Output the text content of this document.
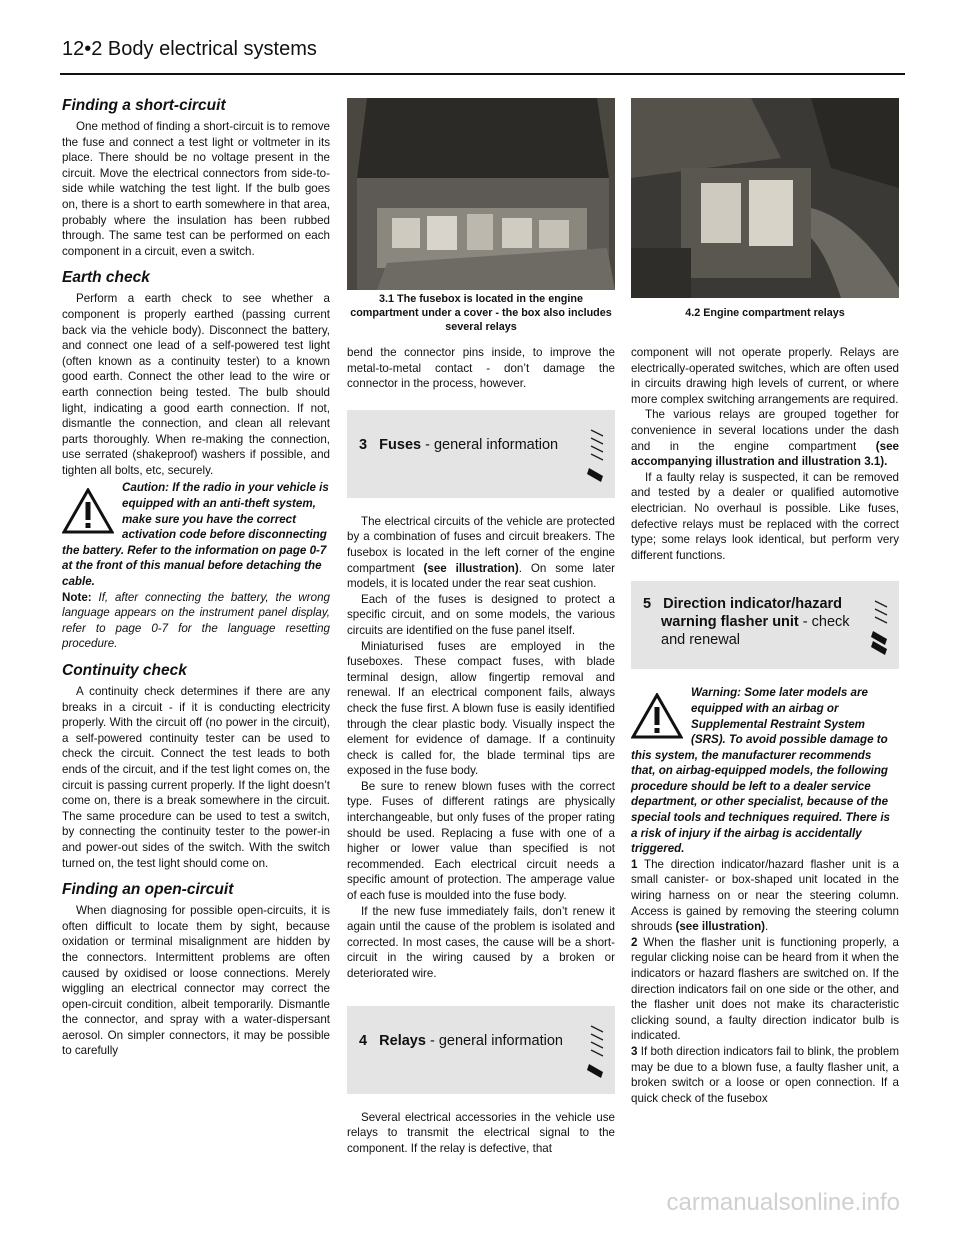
12•2 Body electrical systems
Finding a short-circuit

One method of finding a short-circuit is to remove the fuse and connect a test light or voltmeter in its place. There should be no voltage present in the circuit. Move the electrical connectors from side-to-side while watching the test light. If the bulb goes on, there is a short to earth somewhere in that area, probably where the insulation has been rubbed through. The same test can be performed on each component in a circuit, even a switch.

Earth check

Perform a earth check to see whether a component is properly earthed (passing current back via the vehicle body). Disconnect the battery, and connect one lead of a self-powered test light (often known as a continuity tester) to a known good earth. Connect the other lead to the wire or earth connection being tested. The bulb should light, indicating a good earth connection. If not, dismantle the connection, and clean all relevant parts thoroughly. When re-making the connection, use serrated (shakeproof) washers if possible, and tighten all bolts, etc, securely.

Caution: If the radio in your vehicle is equipped with an anti-theft system, make sure you have the correct activation code before disconnecting the battery. Refer to the information on page 0-7 at the front of this manual before detaching the cable.

Note: If, after connecting the battery, the wrong language appears on the instrument panel display, refer to page 0-7 for the language resetting procedure.

Continuity check

A continuity check determines if there are any breaks in a circuit - if it is conducting electricity properly. With the circuit off (no power in the circuit), a self-powered continuity tester can be used to check the circuit. Connect the test leads to both ends of the circuit, and if the test light comes on, the circuit is passing current properly. If the light doesn’t come on, there is a break somewhere in the circuit. The same procedure can be used to test a switch, by connecting the continuity tester to the power-in and power-out sides of the switch. With the switch turned on, the test light should come on.

Finding an open-circuit

When diagnosing for possible open-circuits, it is often difficult to locate them by sight, because oxidation or terminal misalignment are hidden by the connectors. Intermittent problems are often caused by oxidised or loose connections. Merely wiggling an electrical connector may correct the open-circuit condition, albeit temporarily. Dismantle the connector, and spray with a water-dispersant aerosol. On simpler connectors, it may be possible to carefully

3.1 The fusebox is located in the engine compartment under a cover - the box also includes several relays
4.2 Engine compartment relays

bend the connector pins inside, to improve the metal-to-metal contact - don’t damage the connector in the process, however.

3 Fuses - general information

The electrical circuits of the vehicle are protected by a combination of fuses and circuit breakers. The fusebox is located in the left corner of the engine compartment (see illustration). On some later models, it is located under the rear seat cushion.

Each of the fuses is designed to protect a specific circuit, and on some models, the various circuits are identified on the fuse panel itself.

Miniaturised fuses are employed in the fuseboxes. These compact fuses, with blade terminal design, allow fingertip removal and renewal. If an electrical component fails, always check the fuse first. A blown fuse is easily identified through the clear plastic body. Visually inspect the element for evidence of damage. If a continuity check is called for, the blade terminal tips are exposed in the fuse body.

Be sure to renew blown fuses with the correct type. Fuses of different ratings are physically interchangeable, but only fuses of the proper rating should be used. Replacing a fuse with one of a higher or lower value than specified is not recommended. Each electrical circuit needs a specific amount of protection. The amperage value of each fuse is moulded into the fuse body.

If the new fuse immediately fails, don’t renew it again until the cause of the problem is isolated and corrected. In most cases, the cause will be a short-circuit in the wiring caused by a broken or deteriorated wire.

4 Relays - general information

Several electrical accessories in the vehicle use relays to transmit the electrical signal to the component. If the relay is defective, that

component will not operate properly. Relays are electrically-operated switches, which are often used in circuits drawing high levels of current, or where more complex switching arrangements are required.

The various relays are grouped together for convenience in several locations under the dash and in the engine compartment (see accompanying illustration and illustration 3.1).

If a faulty relay is suspected, it can be removed and tested by a dealer or qualified automotive electrician. No overhaul is possible. Like fuses, defective relays must be replaced with the correct type; some relays look identical, but perform very different functions.

5 Direction indicator/hazard
warning flasher unit - check
and renewal
Warning: Some later models are equipped with an airbag or Supplemental Restraint System (SRS). To avoid possible damage to this system, the manufacturer recommends that, on airbag-equipped models, the following procedure should be left to a dealer service department, or other specialist, because of the special tools and techniques required. There is a risk of injury if the airbag is accidentally triggered.

1 The direction indicator/hazard flasher unit is a small canister- or box-shaped unit located in the wiring harness on or near the steering column. Access is gained by removing the steering column shrouds (see illustration).

2 When the flasher unit is functioning properly, a regular clicking noise can be heard from it when the indicators or hazard flashers are switched on. If the direction indicators fail on one side or the other, and the flasher unit does not make its characteristic clicking sound, a faulty direction indicator bulb is indicated.

3 If both direction indicators fail to blink, the problem may be due to a blown fuse, a faulty flasher unit, a broken switch or a loose or open connection. If a quick check of the fusebox

carmanualsonline.info
